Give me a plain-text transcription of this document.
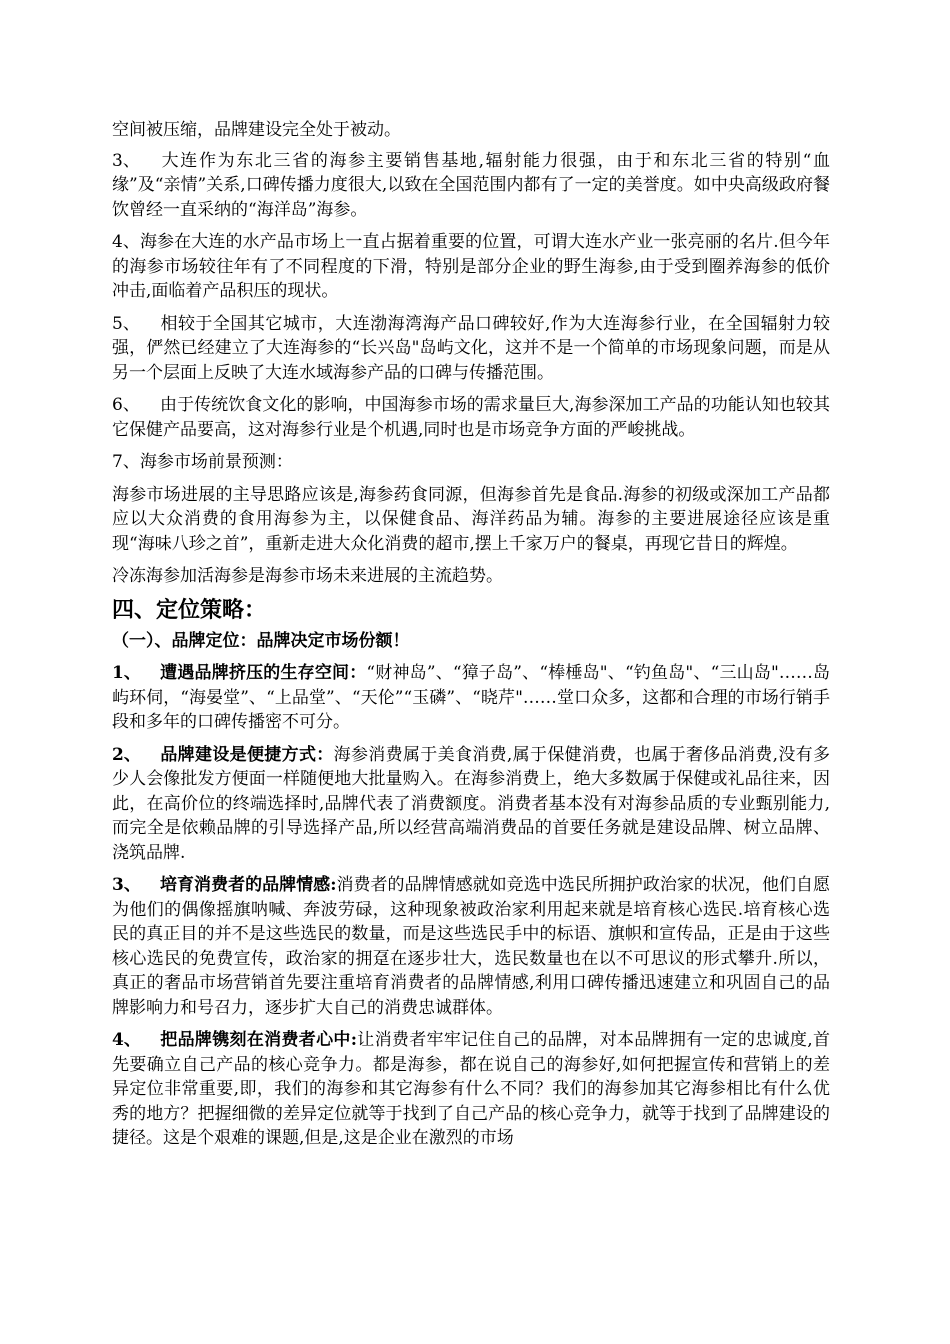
空间被压缩，品牌建设完全处于被动。

3、 大连作为东北三省的海参主要销售基地,辐射能力很强，由于和东北三省的特别“血缘”及“亲情”关系,口碑传播力度很大,以致在全国范围内都有了一定的美誉度。如中央高级政府餐饮曾经一直采纳的“海洋岛”海参。

4、海参在大连的水产品市场上一直占据着重要的位置，可谓大连水产业一张亮丽的名片.但今年的海参市场较往年有了不同程度的下滑，特别是部分企业的野生海参,由于受到圈养海参的低价冲击,面临着产品积压的现状。

5、 相较于全国其它城市，大连渤海湾海产品口碑较好,作为大连海参行业，在全国辐射力较强，俨然已经建立了大连海参的“长兴岛"岛屿文化，这并不是一个简单的市场现象问题，而是从另一个层面上反映了大连水域海参产品的口碑与传播范围。

6、 由于传统饮食文化的影响，中国海参市场的需求量巨大,海参深加工产品的功能认知也较其它保健产品要高，这对海参行业是个机遇,同时也是市场竞争方面的严峻挑战。

7、海参市场前景预测：

海参市场进展的主导思路应该是,海参药食同源，但海参首先是食品.海参的初级或深加工产品都应以大众消费的食用海参为主，以保健食品、海洋药品为辅。海参的主要进展途径应该是重现“海味八珍之首”，重新走进大众化消费的超市,摆上千家万户的餐桌，再现它昔日的辉煌。

冷冻海参加活海参是海参市场未来进展的主流趋势。

四、定位策略：
（一）、品牌定位：品牌决定市场份额！

1、 遭遇品牌挤压的生存空间：“财神岛”、“獐子岛”、“棒棰岛"、“钓鱼岛"、“三山岛"……岛屿环伺，“海晏堂”、“上品堂”、“天伦”“玉磷”、“晓芹"……堂口众多，这都和合理的市场行销手段和多年的口碑传播密不可分。

2、 品牌建设是便捷方式：海参消费属于美食消费,属于保健消费，也属于奢侈品消费,没有多少人会像批发方便面一样随便地大批量购入。在海参消费上，绝大多数属于保健或礼品往来，因此，在高价位的终端选择时,品牌代表了消费额度。消费者基本没有对海参品质的专业甄别能力,而完全是依赖品牌的引导选择产品,所以经营高端消费品的首要任务就是建设品牌、树立品牌、浇筑品牌.

3、 培育消费者的品牌情感:消费者的品牌情感就如竞选中选民所拥护政治家的状况，他们自愿为他们的偶像摇旗呐喊、奔波劳碌，这种现象被政治家利用起来就是培育核心选民.培育核心选民的真正目的并不是这些选民的数量，而是这些选民手中的标语、旗帜和宣传品，正是由于这些核心选民的免费宣传，政治家的拥趸在逐步壮大，选民数量也在以不可思议的形式攀升.所以，真正的奢品市场营销首先要注重培育消费者的品牌情感,利用口碑传播迅速建立和巩固自己的品牌影响力和号召力，逐步扩大自己的消费忠诚群体。

4、 把品牌镌刻在消费者心中:让消费者牢牢记住自己的品牌，对本品牌拥有一定的忠诚度,首先要确立自己产品的核心竞争力。都是海参，都在说自己的海参好,如何把握宣传和营销上的差异定位非常重要,即，我们的海参和其它海参有什么不同？我们的海参加其它海参相比有什么优秀的地方？把握细微的差异定位就等于找到了自己产品的核心竞争力，就等于找到了品牌建设的捷径。这是个艰难的课题,但是,这是企业在激烈的市场
